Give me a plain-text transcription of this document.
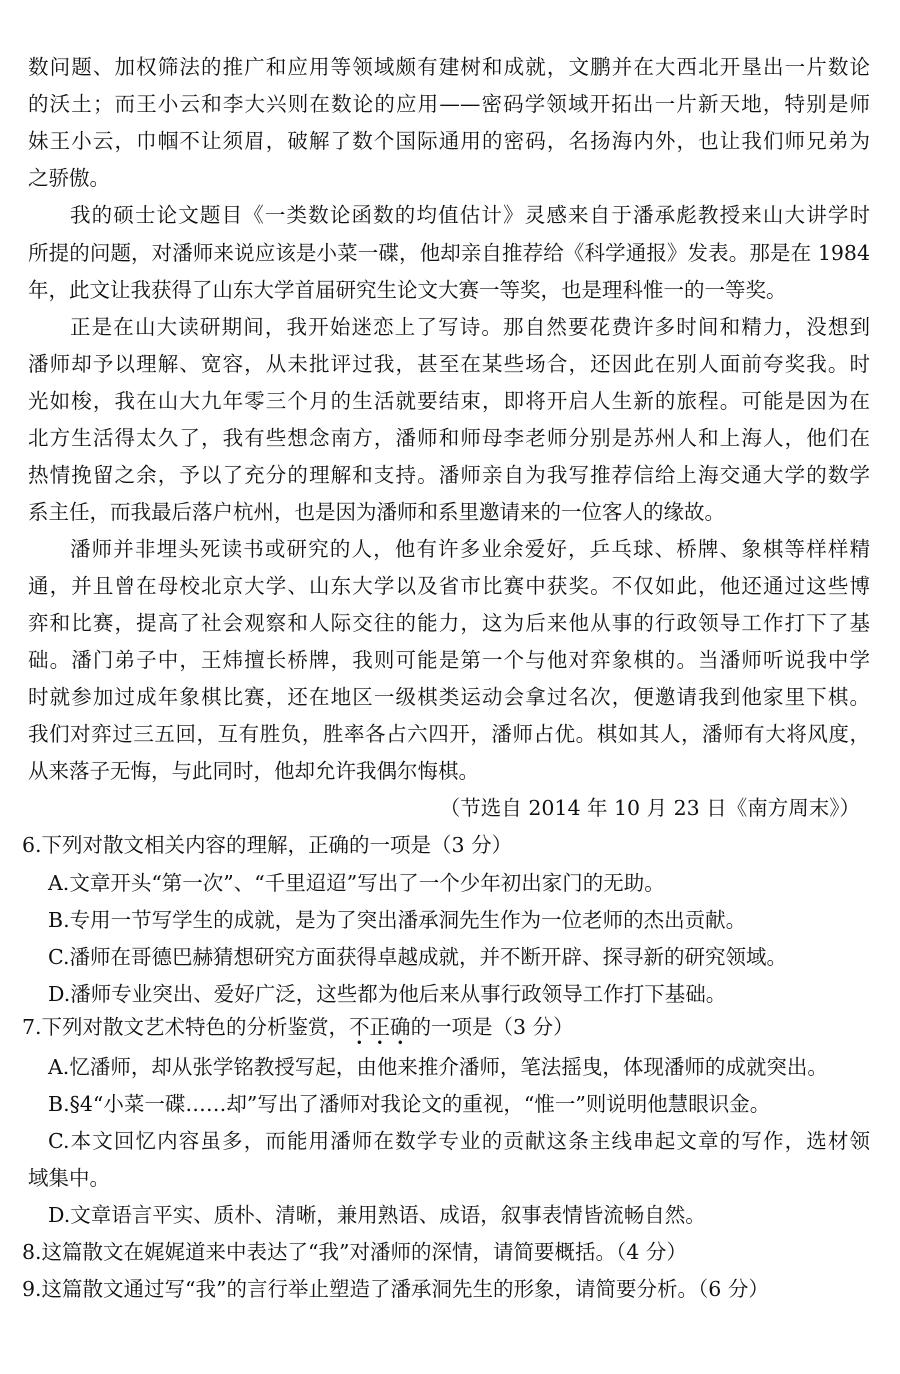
数问题、加权筛法的推广和应用等领域颇有建树和成就，文鹏并在大西北开垦出一片数论
的沃土；而王小云和李大兴则在数论的应用——密码学领域开拓出一片新天地，特别是师
妹王小云，巾帼不让须眉，破解了数个国际通用的密码，名扬海内外，也让我们师兄弟为
之骄傲。
我的硕士论文题目《一类数论函数的均值估计》灵感来自于潘承彪教授来山大讲学时
所提的问题，对潘师来说应该是小菜一碟，他却亲自推荐给《科学通报》发表。那是在 1984
年，此文让我获得了山东大学首届研究生论文大赛一等奖，也是理科惟一的一等奖。
正是在山大读研期间，我开始迷恋上了写诗。那自然要花费许多时间和精力，没想到
潘师却予以理解、宽容，从未批评过我，甚至在某些场合，还因此在别人面前夸奖我。时
光如梭，我在山大九年零三个月的生活就要结束，即将开启人生新的旅程。可能是因为在
北方生活得太久了，我有些想念南方，潘师和师母李老师分别是苏州人和上海人，他们在
热情挽留之余，予以了充分的理解和支持。潘师亲自为我写推荐信给上海交通大学的数学
系主任，而我最后落户杭州，也是因为潘师和系里邀请来的一位客人的缘故。
潘师并非埋头死读书或研究的人，他有许多业余爱好，乒乓球、桥牌、象棋等样样精
通，并且曾在母校北京大学、山东大学以及省市比赛中获奖。不仅如此，他还通过这些博
弈和比赛，提高了社会观察和人际交往的能力，这为后来他从事的行政领导工作打下了基
础。潘门弟子中，王炜擅长桥牌，我则可能是第一个与他对弈象棋的。当潘师听说我中学
时就参加过成年象棋比赛，还在地区一级棋类运动会拿过名次，便邀请我到他家里下棋。
我们对弈过三五回，互有胜负，胜率各占六四开，潘师占优。棋如其人，潘师有大将风度，
从来落子无悔，与此同时，他却允许我偶尔悔棋。
（节选自 2014 年 10 月 23 日《南方周末》）
6.下列对散文相关内容的理解，正确的一项是（3 分）
A.文章开头“第一次”、“千里迢迢”写出了一个少年初出家门的无助。
B.专用一节写学生的成就，是为了突出潘承洞先生作为一位老师的杰出贡献。
C.潘师在哥德巴赫猜想研究方面获得卓越成就，并不断开辟、探寻新的研究领域。
D.潘师专业突出、爱好广泛，这些都为他后来从事行政领导工作打下基础。
7.下列对散文艺术特色的分析鉴赏，不正确
• • •
的一项是（3 分）
A.忆潘师，却从张学铭教授写起，由他来推介潘师，笔法摇曳，体现潘师的成就突出。
B.§4“小菜一碟……却”写出了潘师对我论文的重视，“惟一”则说明他慧眼识金。
C.本文回忆内容虽多，而能用潘师在数学专业的贡献这条主线串起文章的写作，选材领
域集中。
D.文章语言平实、质朴、清晰，兼用熟语、成语，叙事表情皆流畅自然。
8.这篇散文在娓娓道来中表达了“我”对潘师的深情，请简要概括。（4 分）
9.这篇散文通过写“我”的言行举止塑造了潘承洞先生的形象，请简要分析。（6 分）
